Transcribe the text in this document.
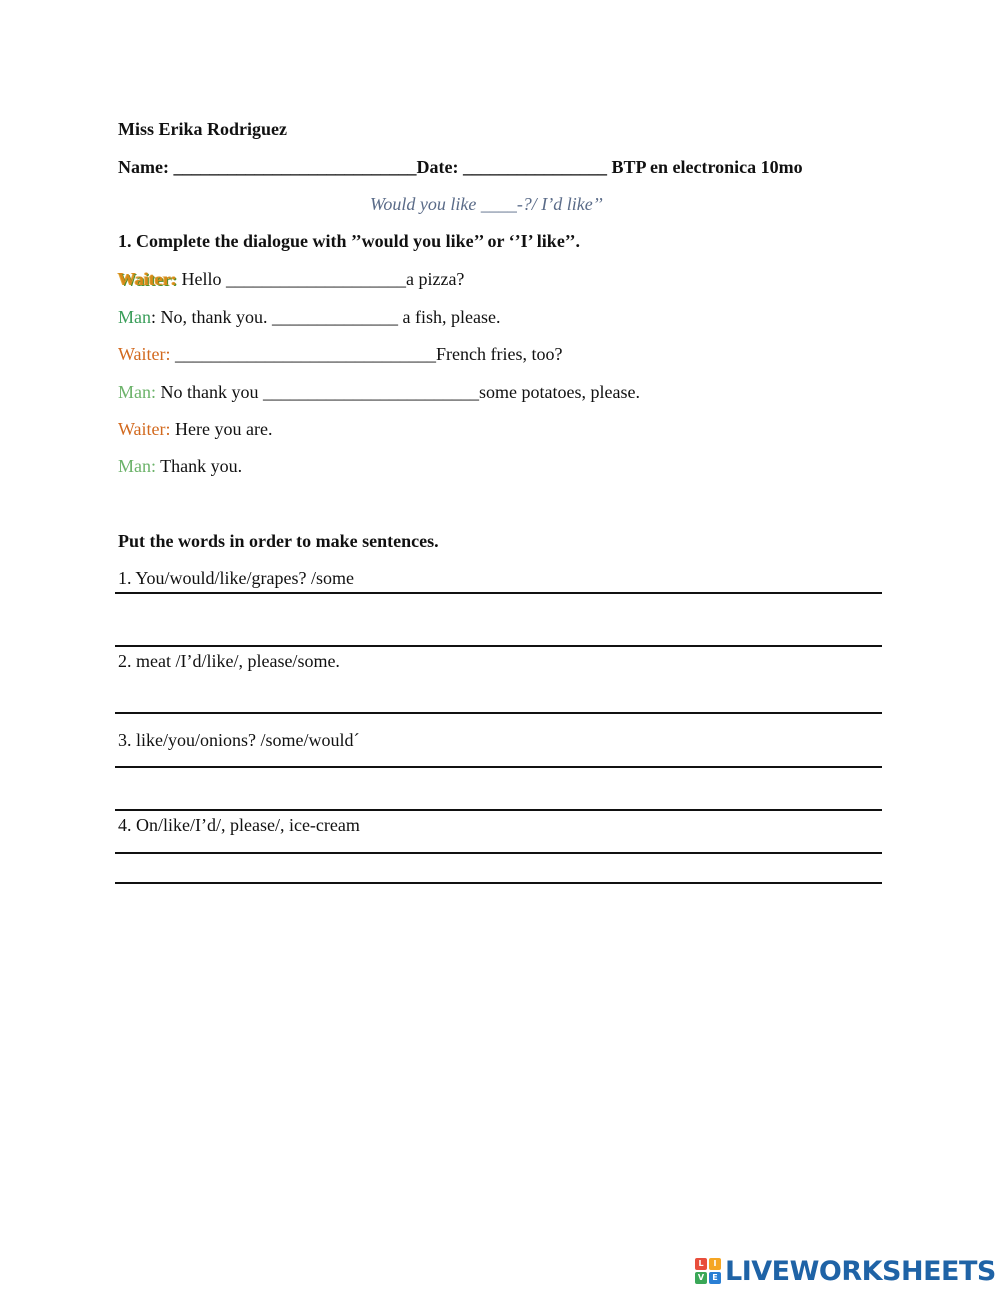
Miss Erika Rodriguez
Name: ___________________________Date: ________________ BTP en electronica 10mo
Would you like ____-?/ I’d like’’
1. Complete the dialogue with ’’would you like’’ or ‘’I’ like’’.
Waiter: Hello ____________________a pizza?
Man: No, thank you. ______________ a fish, please.
Waiter: _____________________________French fries, too?
Man: No thank you ________________________some potatoes, please.
Waiter: Here you are.
Man: Thank you.
Put the words in order to make sentences.
1. You/would/like/grapes? /some
2. meat /I’d/like/, please/some.
3. like/you/onions? /some/would´
4. On/like/I’d/, please/, ice-cream
L	I
V	E LIVEWORKSHEETS
